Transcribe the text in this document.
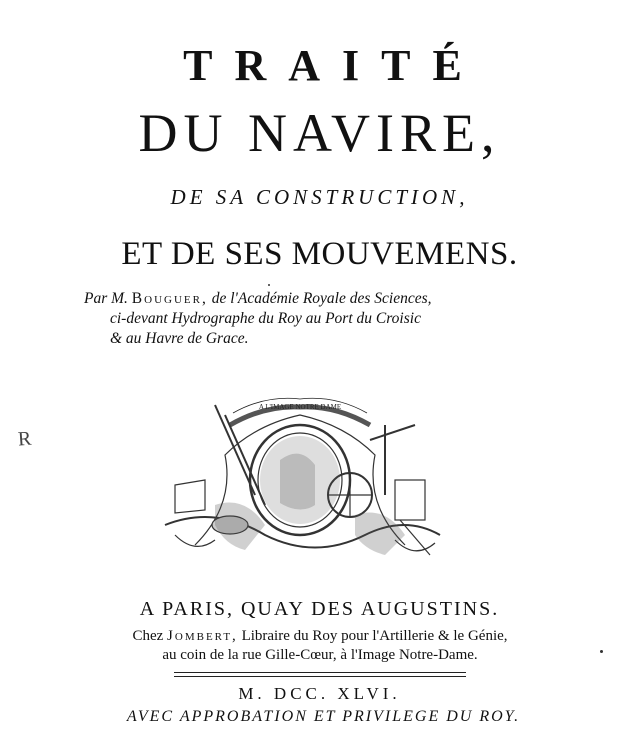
TRAITÉ
DU NAVIRE,
DE SA CONSTRUCTION,
ET DE SES MOUVEMENS.
Par M. Bouguer, de l'Académie Royale des Sciences,
ci-devant Hydrographe du Roy au Port du Croisic
& au Havre de Grace.
A L'IMAGE NOTRE DAME
A PARIS, QUAY DES AUGUSTINS.
Chez Jombert, Libraire du Roy pour l'Artillerie & le Génie,
au coin de la rue Gille-Cœur, à l'Image Notre-Dame.
M. DCC. XLVI.
AVEC APPROBATION ET PRIVILEGE DU ROY.
R
